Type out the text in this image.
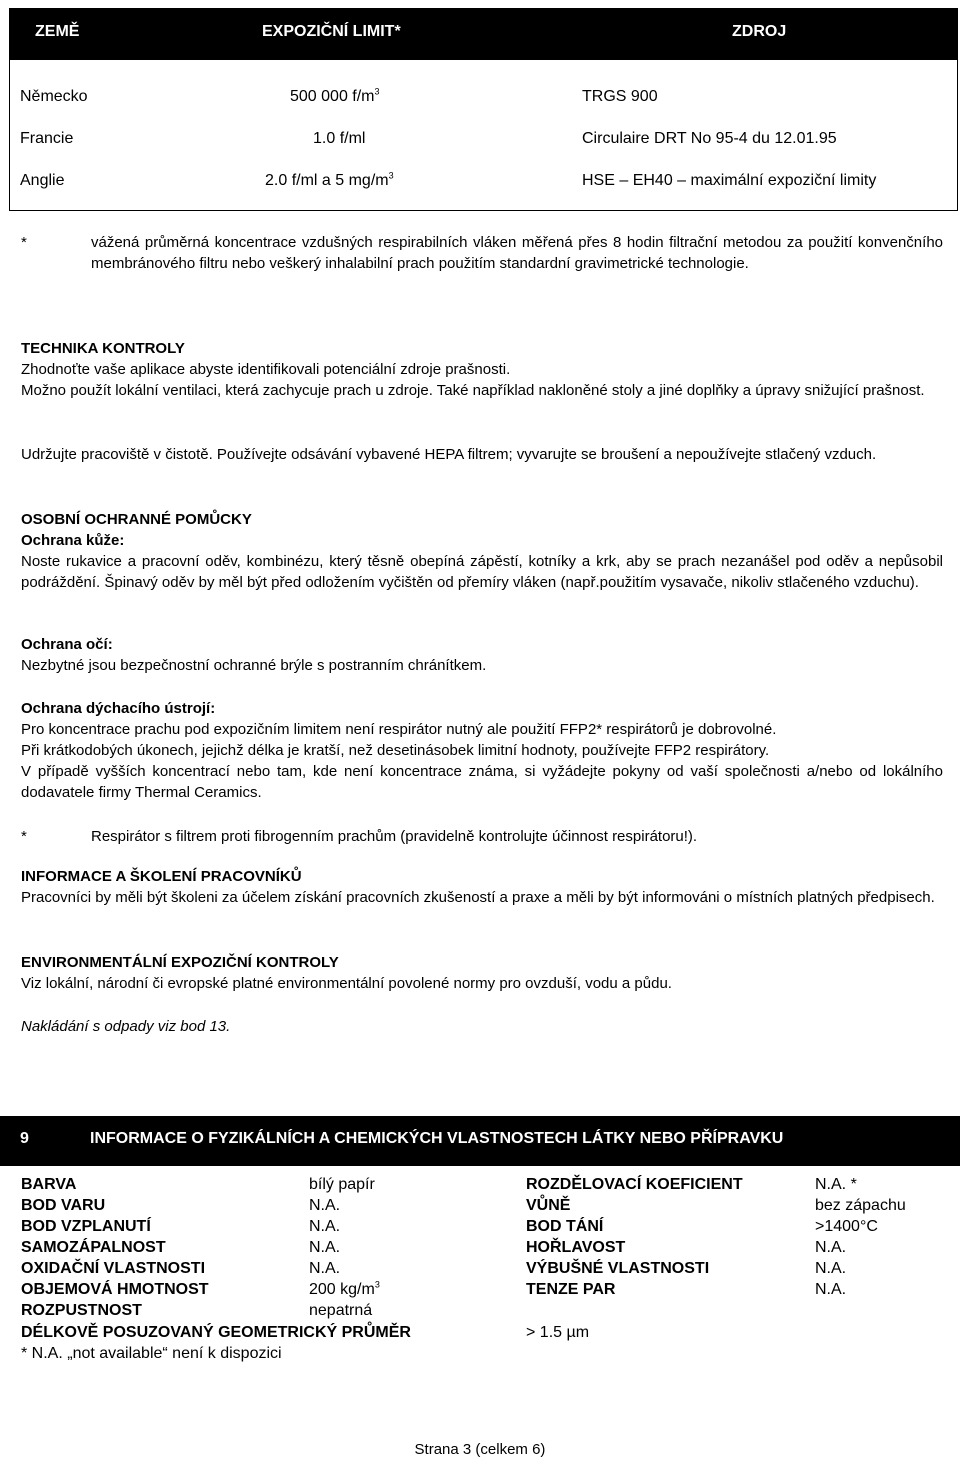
ZEMĚ	EXPOZIČNÍ LIMIT*	ZDROJ
Německo	500 000 $f/m^3$	TRGS 900
Francie	1.0 f/ml	Circulaire DRT No 95-4 du 12.01.95
Anglie	2.0 f/ml a 5 $mg/m^3$	HSE – EH40 – maximální expoziční limity
*	vážená průměrná koncentrace vzdušných respirabilních vláken měřená přes 8 hodin filtrační metodou za použití konvenčního membránového filtru nebo veškerý inhalabilní prach použitím standardní gravimetrické technologie.
TECHNIKA KONTROLY
Zhodnoťte vaše aplikace abyste identifikovali potenciální zdroje prašnosti.
Možno použít lokální ventilaci, která zachycuje prach u zdroje. Také například nakloněné stoly a jiné doplňky a úpravy snižující prašnost.
Udržujte pracoviště v čistotě. Používejte odsávání vybavené HEPA filtrem; vyvarujte se broušení a nepoužívejte stlačený vzduch.
OSOBNÍ OCHRANNÉ POMŮCKY
Ochrana kůže:
Noste rukavice a pracovní oděv, kombinézu, který těsně obepíná zápěstí, kotníky a krk, aby se prach nezanášel pod oděv a nepůsobil podráždění. Špinavý oděv by měl být před odložením vyčištěn od přemíry vláken (např.použitím vysavače, nikoliv stlačeného vzduchu).
Ochrana očí:
Nezbytné jsou bezpečnostní ochranné brýle s postranním chránítkem.
Ochrana dýchacího ústrojí:
Pro koncentrace prachu pod expozičním limitem není respirátor nutný ale použití FFP2* respirátorů je dobrovolné.
Při krátkodobých úkonech, jejichž délka je kratší, než desetinásobek limitní hodnoty, používejte FFP2 respirátory.
V případě vyšších koncentrací nebo tam, kde není koncentrace známa, si vyžádejte pokyny od vaší společnosti a/nebo od lokálního dodavatele firmy Thermal Ceramics.
*	Respirátor s filtrem proti fibrogenním prachům (pravidelně kontrolujte účinnost respirátoru!).
INFORMACE A ŠKOLENÍ PRACOVNÍKŮ
Pracovníci by měli být školeni za účelem získání pracovních zkušeností a praxe a měli by být informováni o místních platných předpisech.
ENVIRONMENTÁLNÍ EXPOZIČNÍ KONTROLY
Viz lokální, národní či evropské platné environmentální povolené normy pro ovzduší, vodu a půdu.
Nakládání s odpady viz bod 13.
9	INFORMACE O FYZIKÁLNÍCH A CHEMICKÝCH VLASTNOSTECH LÁTKY NEBO PŘÍPRAVKU
BARVA	bílý papír
BOD VARU	N.A.
BOD VZPLANUTÍ	N.A.
SAMOZÁPALNOST	N.A.
OXIDAČNÍ VLASTNOSTI	N.A.
OBJEMOVÁ HMOTNOST	200 $kg/m^3$
ROZPUSTNOST	nepatrná
ROZDĚLOVACÍ KOEFICIENT	N.A. *
VŮNĚ	bez zápachu
BOD TÁNÍ	>1400°C
HOŘLAVOST	N.A.
VÝBUŠNÉ VLASTNOSTI	N.A.
TENZE PAR	N.A.
DÉLKOVĚ POSUZOVANÝ GEOMETRICKÝ PRŮMĚR	> 1.5 µm
* N.A. „not available“ není k dispozici
Strana 3 (celkem 6)
